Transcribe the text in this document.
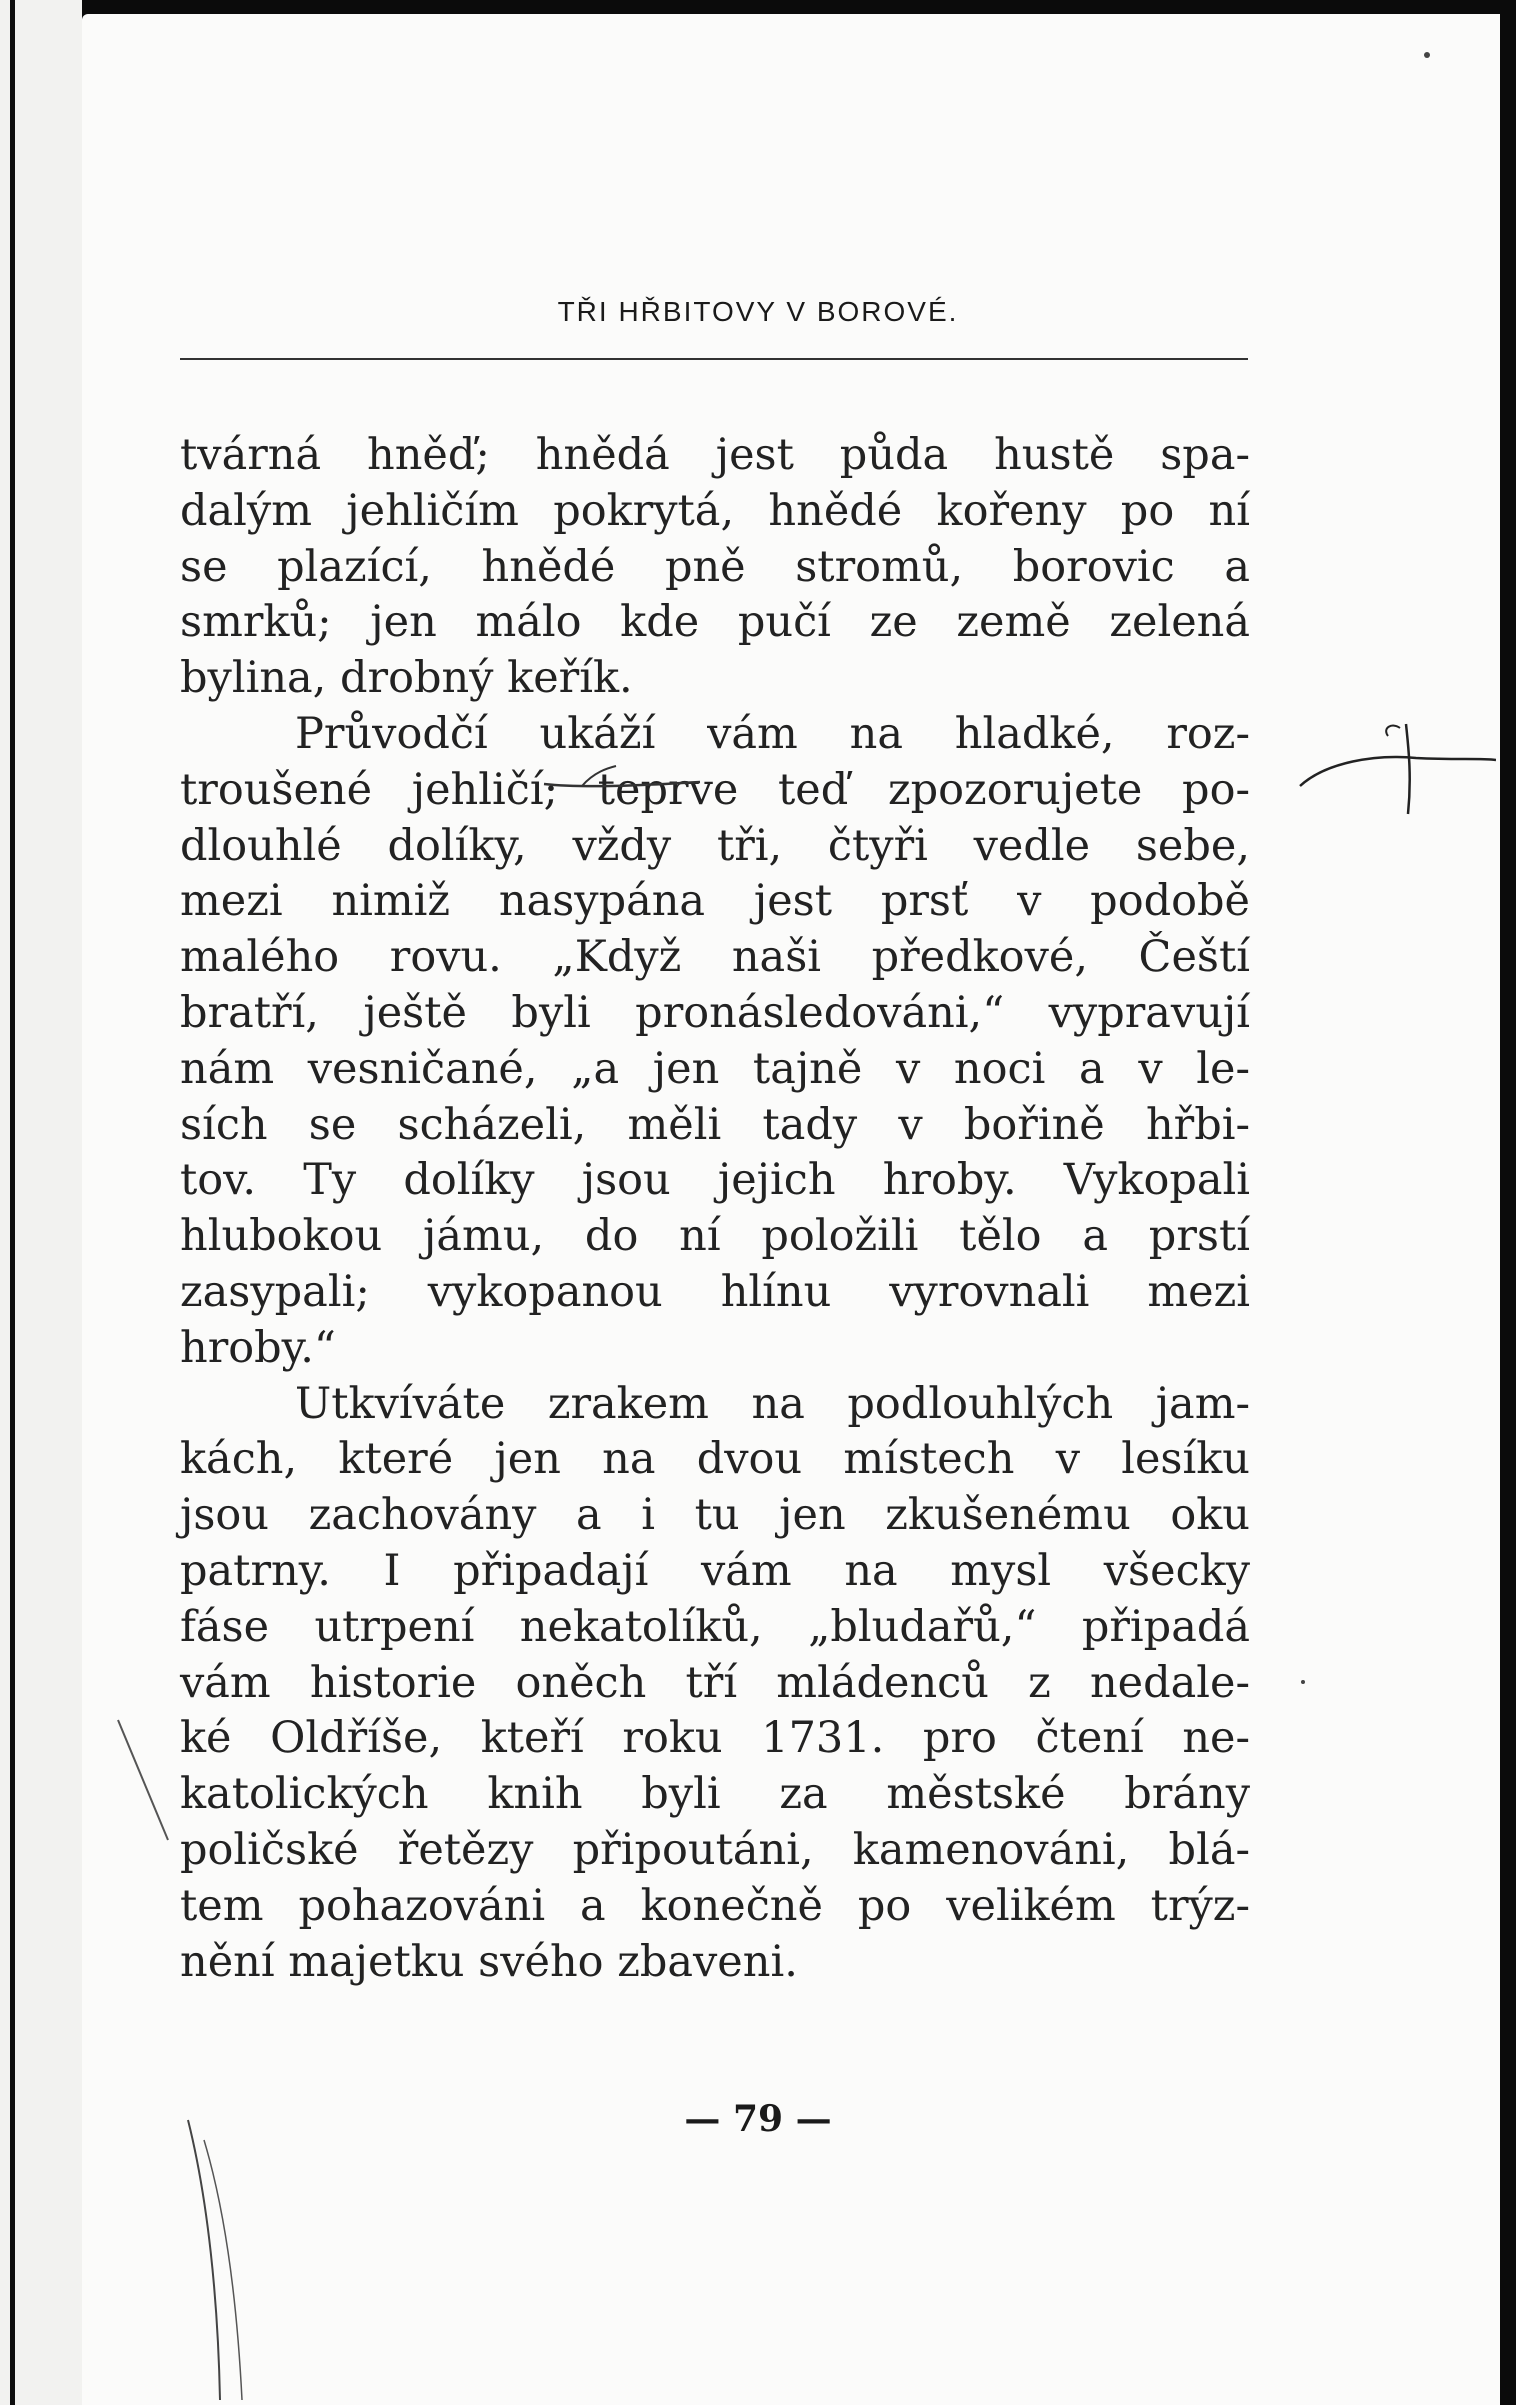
TŘI HŘBITOVY V BOROVÉ.
tvárná hněď; hnědá jest půda hustě spa-
dalým jehličím pokrytá, hnědé kořeny po ní
se plazící, hnědé pně stromů, borovic a
smrků; jen málo kde pučí ze země zelená
bylina, drobný keřík.
Průvodčí ukáží vám na hladké, roz-
troušené jehličí; teprve teď zpozorujete po-
dlouhlé dolíky, vždy tři, čtyři vedle sebe,
mezi nimiž nasypána jest prsť v podobě
malého rovu. „Když naši předkové, Čeští
bratří, ještě byli pronásledováni,“ vypravují
nám vesničané, „a jen tajně v noci a v le-
sích se scházeli, měli tady v bořině hřbi-
tov. Ty dolíky jsou jejich hroby. Vykopali
hlubokou jámu, do ní položili tělo a prstí
zasypali; vykopanou hlínu vyrovnali mezi
hroby.“
Utkvíváte zrakem na podlouhlých jam-
kách, které jen na dvou místech v lesíku
jsou zachovány a i tu jen zkušenému oku
patrny. I připadají vám na mysl všecky
fáse utrpení nekatolíků, „bludařů,“ připadá
vám historie oněch tří mládenců z nedale-
ké Oldříše, kteří roku 1731. pro čtení ne-
katolických knih byli za městské brány
poličské řetězy připoutáni, kamenováni, blá-
tem pohazováni a konečně po velikém trýz-
nění majetku svého zbaveni.
— 79 —
